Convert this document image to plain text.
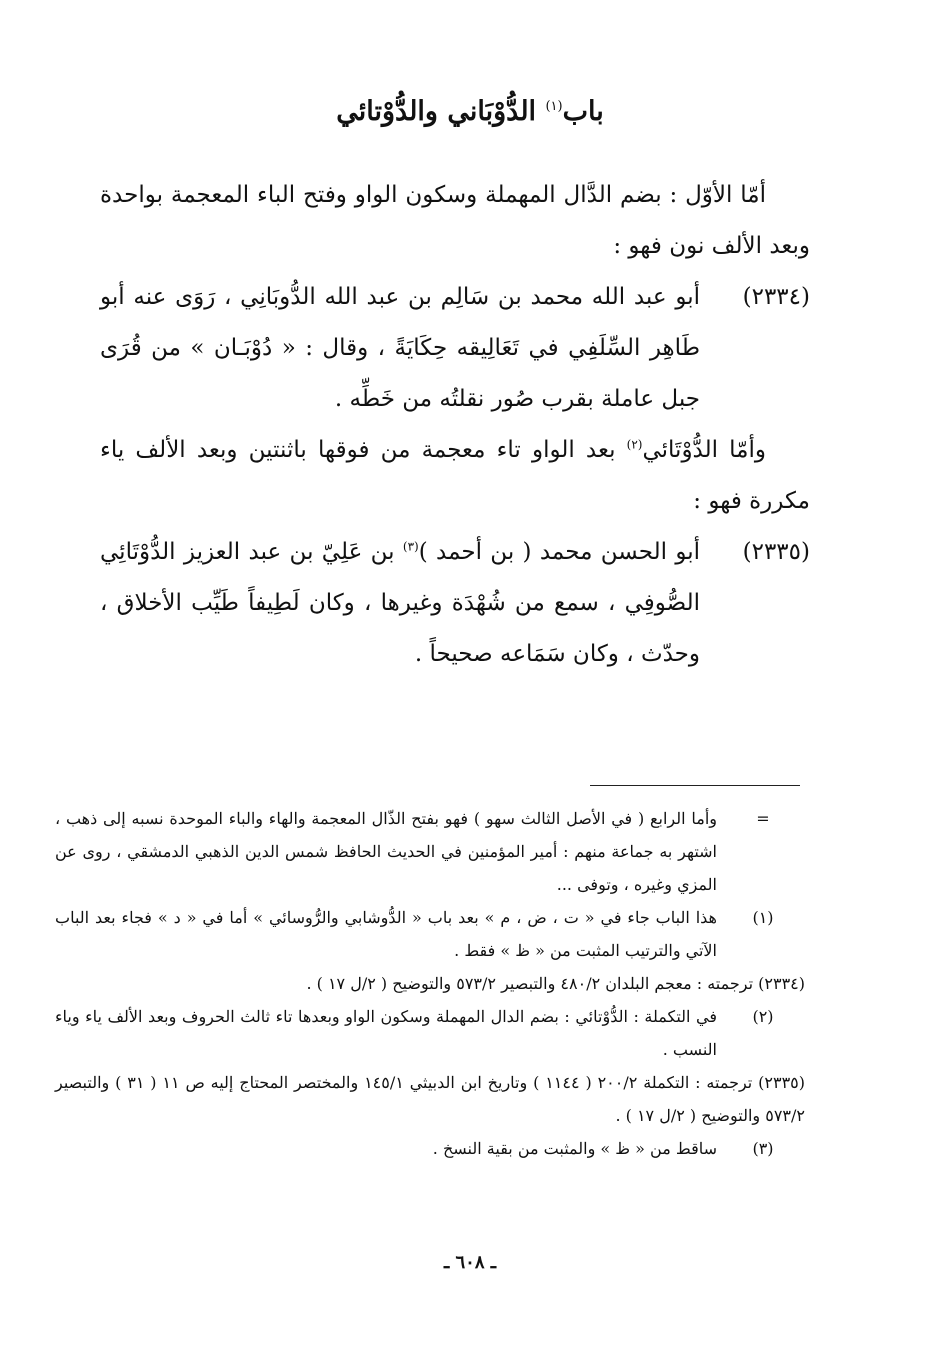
باب$^{(١)}$ الدُّوْبَاني والدُّوْتائي

أمّا الأوّل : بضم الدَّال المهملة وسكون الواو وفتح الباء المعجمة بواحدة وبعد الألف نون فهو :

(٢٣٣٤)

أبو عبد الله محمد بن سَالِم بن عبد الله الدُّوبَانِي ، رَوَى عنه أبو طَاهِر السِّلَفِي في تَعَالِيقه حِكَايَةً ، وقال : « دُوْبَـان » من قُرَى جبل عاملة بقرب صُور نقلتُه من خَطِّه .

وأمّا الدُّوْتَائي$^{(٢)}$ بعد الواو تاء معجمة من فوقها باثنتين وبعد الألف ياء مكررة فهو :

(٢٣٣٥)

أبو الحسن محمد ( بن أحمد )$^{(٣)}$ بن عَلِيّ بن عبد العزيز الدُّوْتَائِي الصُّوفِي ، سمع من شُهْدَة وغيرها ، وكان لَطِيفاً طَيِّب الأخلاق ، وحدّث ، وكان سَمَاعه صحيحاً .

=

وأما الرابع ( في الأصل الثالث سهو ) فهو بفتح الذّال المعجمة والهاء والباء الموحدة نسبه إلى ذهب ، اشتهر به جماعة منهم : أمير المؤمنين في الحديث الحافظ شمس الدين الذهبي الدمشقي ، روى عن المزي وغيره ، وتوفى ...

(١)

هذا الباب جاء في « ت ، ض ، م » بعد باب « الدُّوشابي والرُّوسائي » أما في « د » فجاء بعد الباب الآتي والترتيب المثبت من « ظ » فقط .

(٢٣٣٤) ترجمته : معجم البلدان ٤٨٠/٢ والتبصير ٥٧٣/٢ والتوضيح ( ٢/ل ١٧ ) .

(٢)

في التكملة : الدُّوْتائي : بضم الدال المهملة وسكون الواو وبعدها تاء ثالث الحروف وبعد الألف ياء وياء النسب .

(٢٣٣٥) ترجمته : التكملة ٢٠٠/٢ ( ١١٤٤ ) وتاريخ ابن الدبيثي ١٤٥/١ والمختصر المحتاج إليه ص ١١ ( ٣١ ) والتبصير ٥٧٣/٢ والتوضيح ( ٢/ل ١٧ ) .

(٣)

ساقط من « ظ » والمثبت من بقية النسخ .

ـ ٦٠٨ ـ
